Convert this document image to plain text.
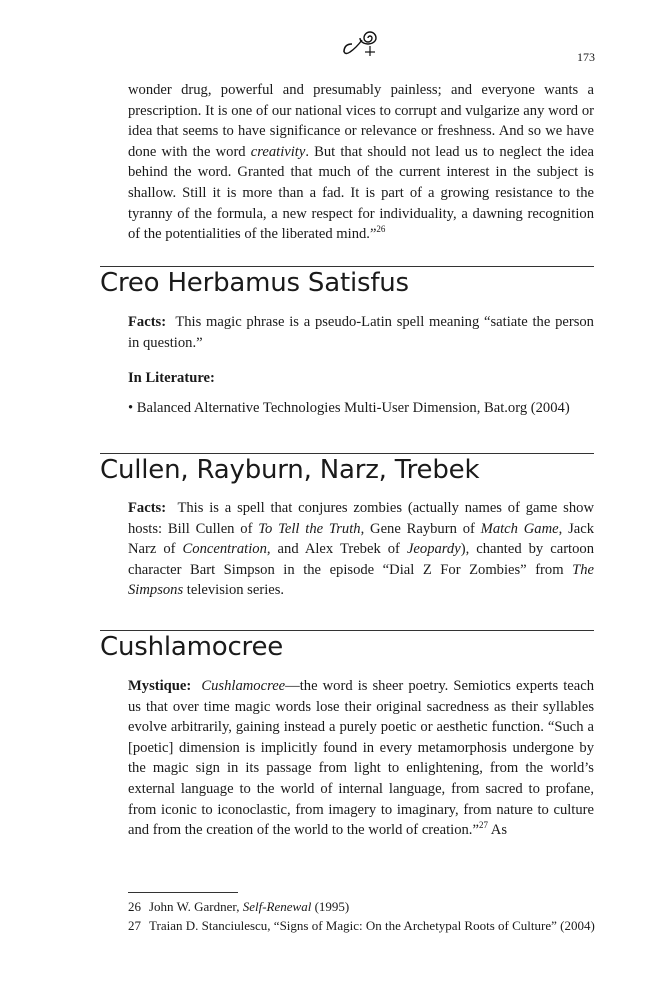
173

wonder drug, powerful and presumably painless; and everyone wants a prescription. It is one of our national vices to corrupt and vulgarize any word or idea that seems to have significance or relevance or freshness. And so we have done with the word creativity. But that should not lead us to neglect the idea behind the word. Granted that much of the current interest in the subject is shallow. Still it is more than a fad. It is part of a growing resistance to the tyranny of the formula, a new respect for individuality, a dawning recognition of the potentialities of the liberated mind.”$^{26}$

Creo Herbamus Satisfus

Facts: This magic phrase is a pseudo-Latin spell meaning “satiate the person in question.”

In Literature:

• Balanced Alternative Technologies Multi-User Dimension, Bat.org (2004)

Cullen, Rayburn, Narz, Trebek

Facts: This is a spell that conjures zombies (actually names of game show hosts: Bill Cullen of To Tell the Truth, Gene Rayburn of Match Game, Jack Narz of Concentration, and Alex Trebek of Jeopardy), chanted by cartoon character Bart Simpson in the episode “Dial Z For Zombies” from The Simpsons television series.

Cushlamocree

Mystique: Cushlamocree—the word is sheer poetry. Semiotics experts teach us that over time magic words lose their original sacredness as their syllables evolve arbitrarily, gaining instead a purely poetic or aesthetic function. “Such a [poetic] dimension is implicitly found in every metamorphosis undergone by the magic sign in its passage from light to enlightening, from the world’s external language to the world of internal language, from sacred to profane, from iconic to iconoclastic, from imagery to imaginary, from nature to culture and from the creation of the world to the world of creation.”$^{27}$ As

26 John W. Gardner, Self-Renewal (1995)

27 Traian D. Stanciulescu, “Signs of Magic: On the Archetypal Roots of Culture” (2004)
